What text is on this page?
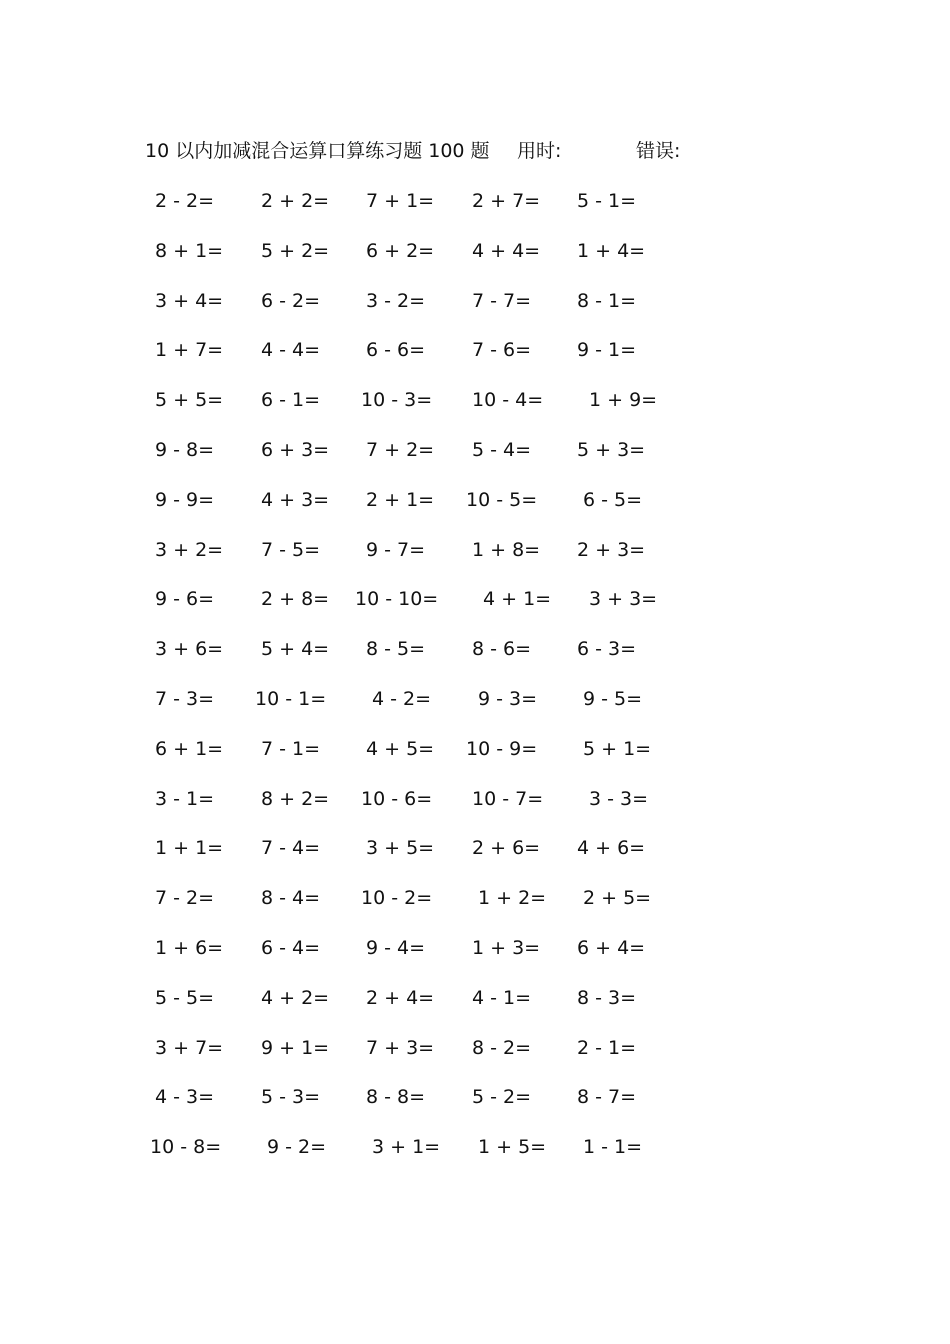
10 以内加减混合运算口算练习题 100 题 用时:	错误:
2 - 2= 2 + 2= 7 + 1= 2 + 7= 5 - 1=
8 + 1= 5 + 2= 6 + 2= 4 + 4= 1 + 4=
3 + 4= 6 - 2= 3 - 2= 7 - 7= 8 - 1=
1 + 7= 4 - 4= 6 - 6= 7 - 6= 9 - 1=
5 + 5= 6 - 1= 10 - 3= 10 - 4= 1 + 9=
9 - 8= 6 + 3= 7 + 2= 5 - 4= 5 + 3=
9 - 9= 4 + 3= 2 + 1= 10 - 5= 6 - 5=
3 + 2= 7 - 5= 9 - 7= 1 + 8= 2 + 3=
9 - 6= 2 + 8= 10 - 10= 4 + 1= 3 + 3=
3 + 6= 5 + 4= 8 - 5= 8 - 6= 6 - 3=
7 - 3= 10 - 1= 4 - 2= 9 - 3= 9 - 5=
6 + 1= 7 - 1= 4 + 5= 10 - 9= 5 + 1=
3 - 1= 8 + 2= 10 - 6= 10 - 7= 3 - 3=
1 + 1= 7 - 4= 3 + 5= 2 + 6= 4 + 6=
7 - 2= 8 - 4= 10 - 2= 1 + 2= 2 + 5=
1 + 6= 6 - 4= 9 - 4= 1 + 3= 6 + 4=
5 - 5= 4 + 2= 2 + 4= 4 - 1= 8 - 3=
3 + 7= 9 + 1= 7 + 3= 8 - 2= 2 - 1=
4 - 3= 5 - 3= 8 - 8= 5 - 2= 8 - 7=
10 - 8= 9 - 2= 3 + 1= 1 + 5= 1 - 1=
